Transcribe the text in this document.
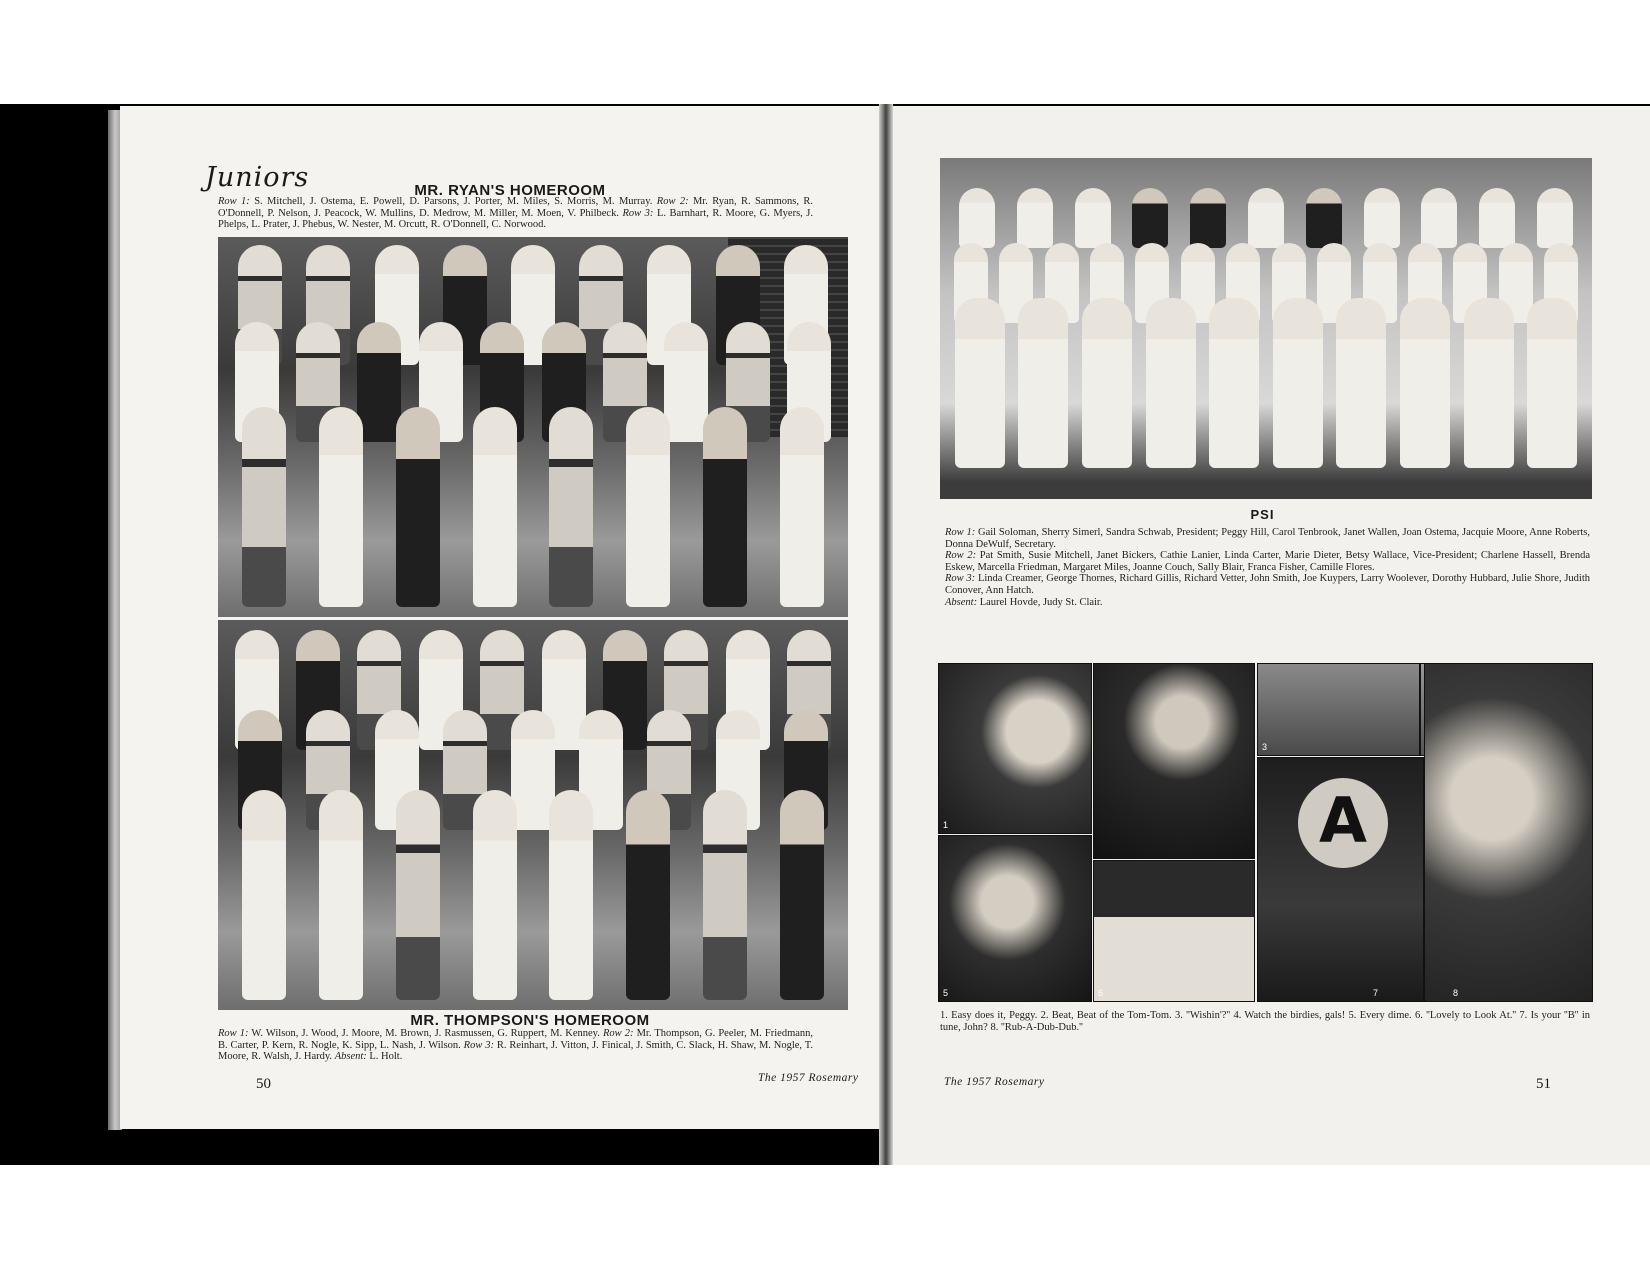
Juniors	MR. RYAN'S HOMEROOM
Row 1: S. Mitchell, J. Ostema, E. Powell, D. Parsons, J. Porter, M. Miles, S. Morris, M. Murray. Row 2: Mr. Ryan, R. Sammons, R. O'Donnell, P. Nelson, J. Peacock, W. Mullins, D. Medrow, M. Miller, M. Moen, V. Philbeck. Row 3: L. Barnhart, R. Moore, G. Myers, J. Phelps, L. Prater, J. Phebus, W. Nester, M. Orcutt, R. O'Donnell, C. Norwood.
MR. THOMPSON'S HOMEROOM
Row 1: W. Wilson, J. Wood, J. Moore, M. Brown, J. Rasmussen, G. Ruppert, M. Kenney. Row 2: Mr. Thompson, G. Peeler, M. Friedmann, B. Carter, P. Kern, R. Nogle, K. Sipp, L. Nash, J. Wilson. Row 3: R. Reinhart, J. Vitton, J. Finical, J. Smith, C. Slack, H. Shaw, M. Nogle, T. Moore, R. Walsh, J. Hardy. Absent: L. Holt.
50	The 1957 Rosemary
PSI
Row 1: Gail Soloman, Sherry Simerl, Sandra Schwab, President; Peggy Hill, Carol Tenbrook, Janet Wallen, Joan Ostema, Jacquie Moore, Anne Roberts, Donna DeWulf, Secretary.
Row 2: Pat Smith, Susie Mitchell, Janet Bickers, Cathie Lanier, Linda Carter, Marie Dieter, Betsy Wallace, Vice-President; Charlene Hassell, Brenda Eskew, Marcella Friedman, Margaret Miles, Joanne Couch, Sally Blair, Franca Fisher, Camille Flores.
Row 3: Linda Creamer, George Thornes, Richard Gillis, Richard Vetter, John Smith, Joe Kuypers, Larry Woolever, Dorothy Hubbard, Julie Shore, Judith Conover, Ann Hatch.
Absent: Laurel Hovde, Judy St. Clair.
1
3
5	6
A
7	8
1. Easy does it, Peggy. 2. Beat, Beat of the Tom-Tom. 3. ''Wishin'?'' 4. Watch the birdies, gals! 5. Every dime. 6. ''Lovely to Look At.'' 7. Is your ''B'' in tune, John? 8. ''Rub-A-Dub-Dub.''
The 1957 Rosemary	51
